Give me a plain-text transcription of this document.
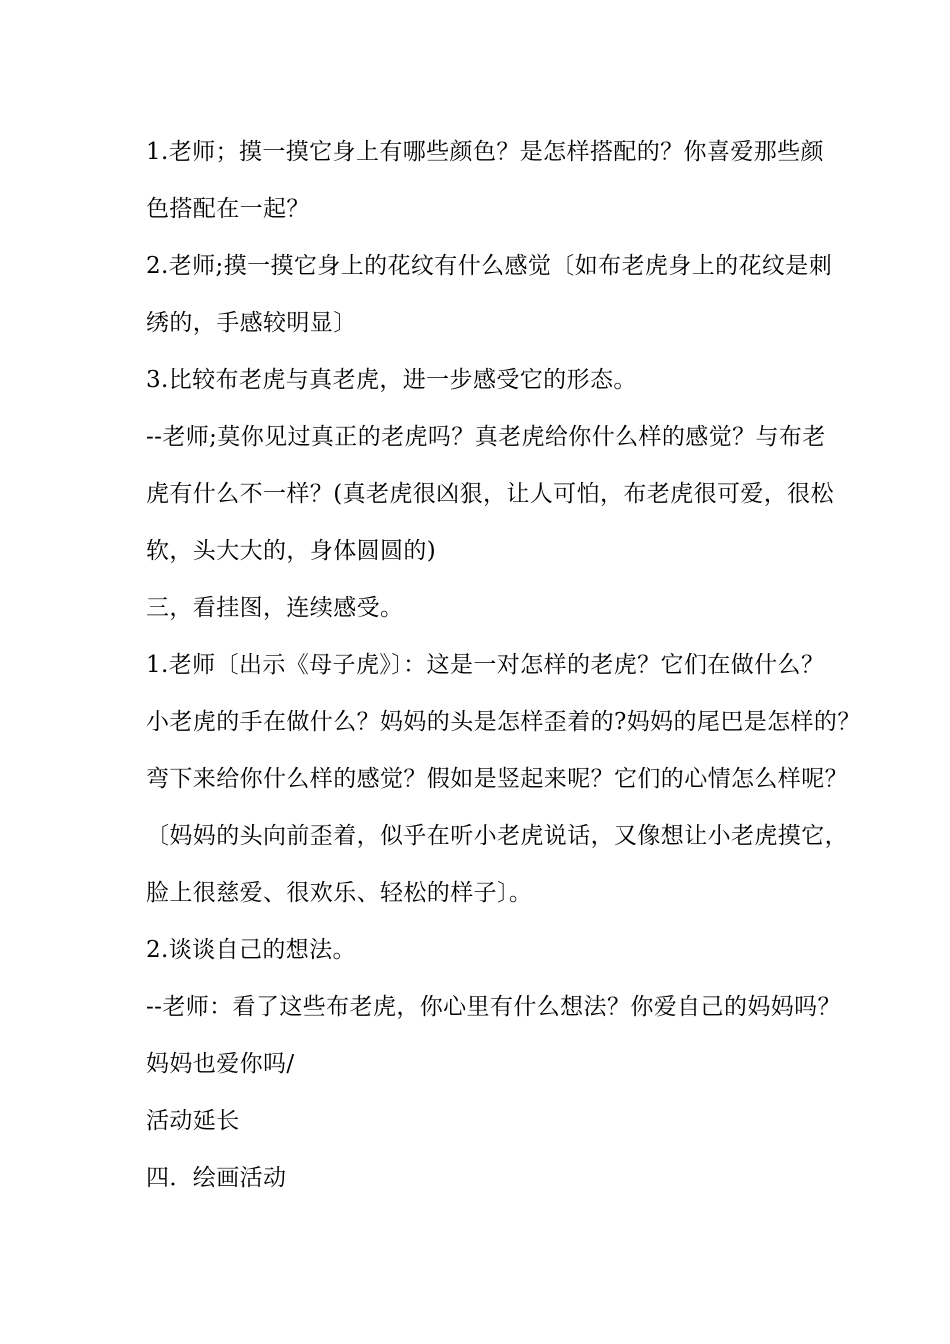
1.老师；摸一摸它身上有哪些颜色？是怎样搭配的？你喜爱那些颜
色搭配在一起？
2.老师;摸一摸它身上的花纹有什么感觉〔如布老虎身上的花纹是刺
绣的，手感较明显〕
3.比较布老虎与真老虎，进一步感受它的形态。
--老师;莫你见过真正的老虎吗？真老虎给你什么样的感觉？与布老
虎有什么不一样？(真老虎很凶狠，让人可怕，布老虎很可爱，很松
软，头大大的，身体圆圆的)
三，看挂图，连续感受。
1.老师〔出示《母子虎》〕：这是一对怎样的老虎？它们在做什么？
小老虎的手在做什么？妈妈的头是怎样歪着的?妈妈的尾巴是怎样的？
弯下来给你什么样的感觉？假如是竖起来呢？它们的心情怎么样呢？
〔妈妈的头向前歪着，似乎在听小老虎说话，又像想让小老虎摸它，
脸上很慈爱、很欢乐、轻松的样子〕。
2.谈谈自己的想法。
--老师：看了这些布老虎，你心里有什么想法？你爱自己的妈妈吗？
妈妈也爱你吗/
活动延长
四．绘画活动
